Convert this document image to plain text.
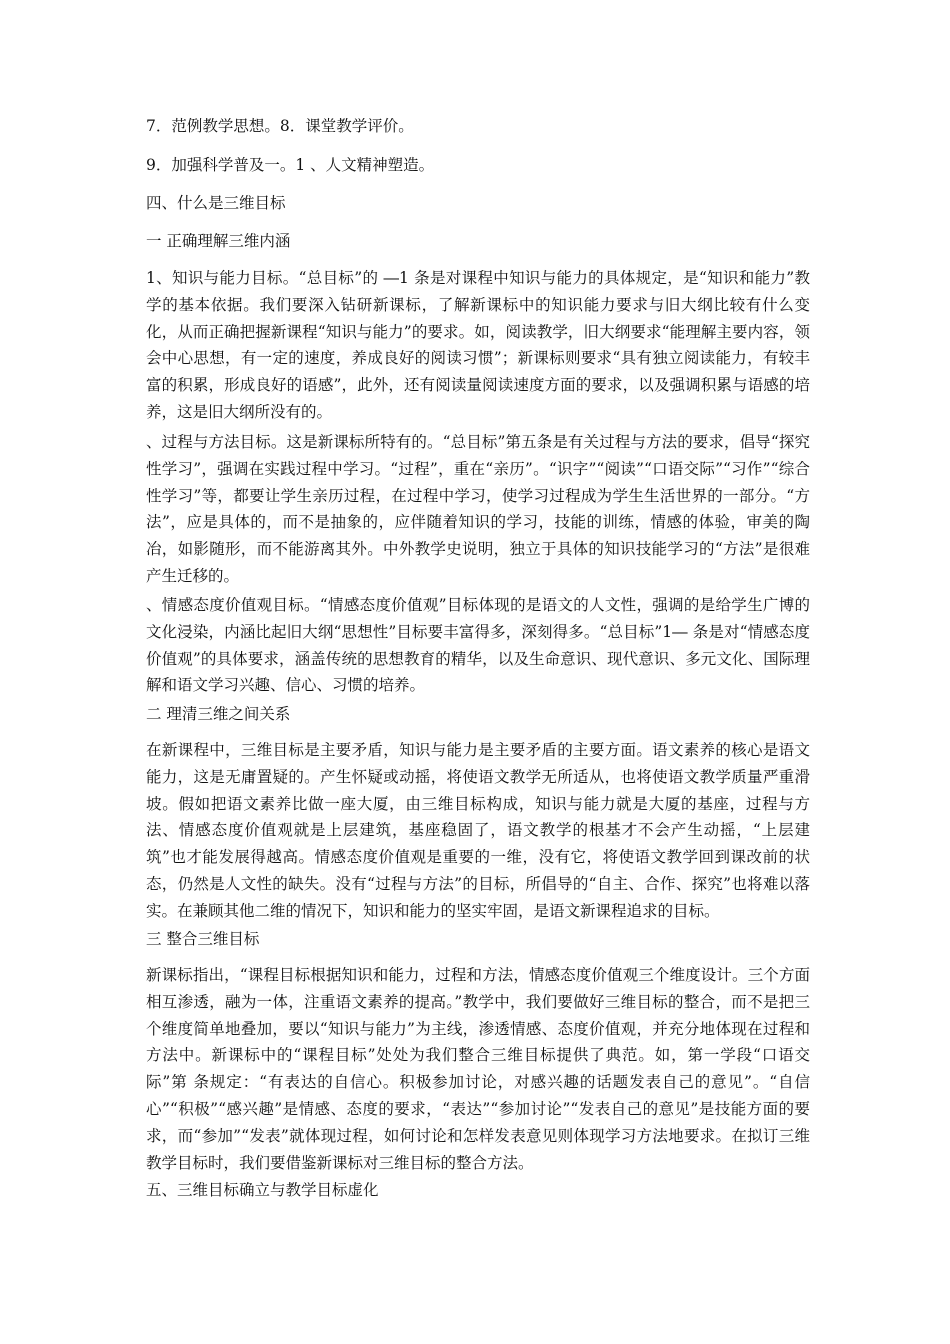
7．范例教学思想。8．课堂教学评价。
9．加强科学普及一。1 、人文精神塑造。
四、什么是三维目标
一 正确理解三维内涵
1、知识与能力目标。“总目标”的 ―1 条是对课程中知识与能力的具体规定，是“知识和能力”教学的基本依据。我们要深入钻研新课标，了解新课标中的知识能力要求与旧大纲比较有什么变化，从而正确把握新课程“知识与能力”的要求。如，阅读教学，旧大纲要求“能理解主要内容，领会中心思想，有一定的速度，养成良好的阅读习惯”；新课标则要求“具有独立阅读能力，有较丰富的积累，形成良好的语感”，此外，还有阅读量阅读速度方面的要求，以及强调积累与语感的培养，这是旧大纲所没有的。
、过程与方法目标。这是新课标所特有的。“总目标”第五条是有关过程与方法的要求，倡导“探究性学习”，强调在实践过程中学习。“过程”，重在“亲历”。“识字”“阅读”“口语交际”“习作”“综合性学习”等，都要让学生亲历过程，在过程中学习，使学习过程成为学生生活世界的一部分。“方法”，应是具体的，而不是抽象的，应伴随着知识的学习，技能的训练，情感的体验，审美的陶冶，如影随形，而不能游离其外。中外教学史说明，独立于具体的知识技能学习的“方法”是很难产生迁移的。
、情感态度价值观目标。“情感态度价值观”目标体现的是语文的人文性，强调的是给学生广博的文化浸染，内涵比起旧大纲“思想性”目标要丰富得多，深刻得多。“总目标”1― 条是对“情感态度价值观”的具体要求，涵盖传统的思想教育的精华，以及生命意识、现代意识、多元文化、国际理解和语文学习兴趣、信心、习惯的培养。
二 理清三维之间关系
在新课程中，三维目标是主要矛盾，知识与能力是主要矛盾的主要方面。语文素养的核心是语文能力，这是无庸置疑的。产生怀疑或动摇，将使语文教学无所适从，也将使语文教学质量严重滑坡。假如把语文素养比做一座大厦，由三维目标构成，知识与能力就是大厦的基座，过程与方法、情感态度价值观就是上层建筑，基座稳固了，语文教学的根基才不会产生动摇，“上层建筑”也才能发展得越高。情感态度价值观是重要的一维，没有它，将使语文教学回到课改前的状态，仍然是人文性的缺失。没有“过程与方法”的目标，所倡导的“自主、合作、探究”也将难以落实。在兼顾其他二维的情况下，知识和能力的坚实牢固，是语文新课程追求的目标。
三 整合三维目标
新课标指出，“课程目标根据知识和能力，过程和方法，情感态度价值观三个维度设计。三个方面相互渗透，融为一体，注重语文素养的提高。”教学中，我们要做好三维目标的整合，而不是把三个维度简单地叠加，要以“知识与能力”为主线，渗透情感、态度价值观，并充分地体现在过程和方法中。新课标中的“课程目标”处处为我们整合三维目标提供了典范。如，第一学段“口语交际”第 条规定：“有表达的自信心。积极参加讨论，对感兴趣的话题发表自己的意见”。“自信心”“积极”“感兴趣”是情感、态度的要求，“表达”“参加讨论”“发表自己的意见”是技能方面的要求，而“参加”“发表”就体现过程，如何讨论和怎样发表意见则体现学习方法地要求。在拟订三维教学目标时，我们要借鉴新课标对三维目标的整合方法。
五、三维目标确立与教学目标虚化
